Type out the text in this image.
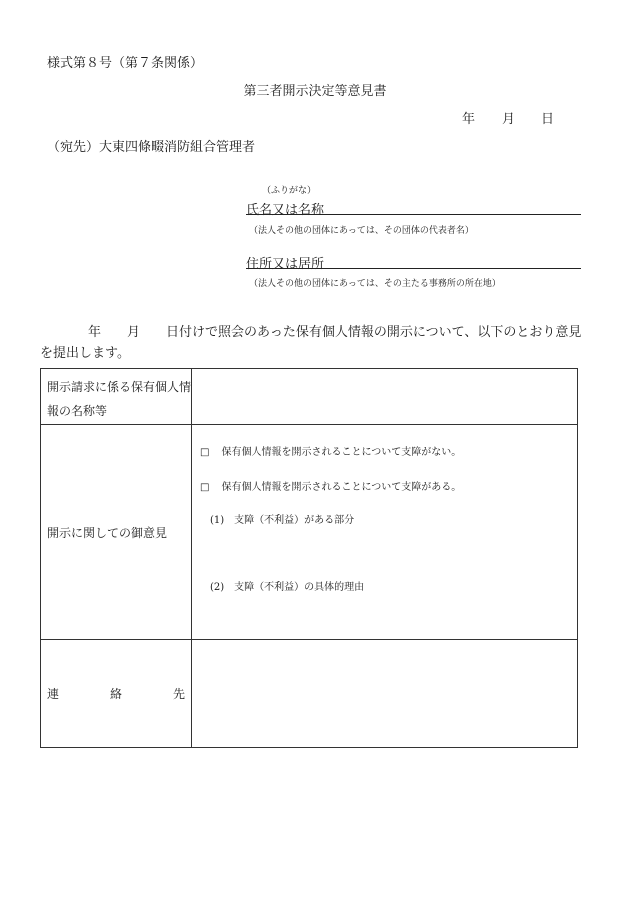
様式第８号（第７条関係）
第三者開示決定等意見書
年 月 日
（宛先）大東四條畷消防組合管理者
（ふりがな）
氏名又は名称
（法人その他の団体にあっては、その団体の代表者名）
住所又は居所
（法人その他の団体にあっては、その主たる事務所の所在地）
年 月 日付けで照会のあった保有個人情報の開示について、以下のとおり意見を提出します。
開示請求に係る保有個人情報の名称等	

開示に関しての御意見	□ 保有個人情報を開示されることについて支障がない。
□ 保有個人情報を開示されることについて支障がある。
(1)　支障（不利益）がある部分
(2)　支障（不利益）の具体的理由

連 絡 先	
